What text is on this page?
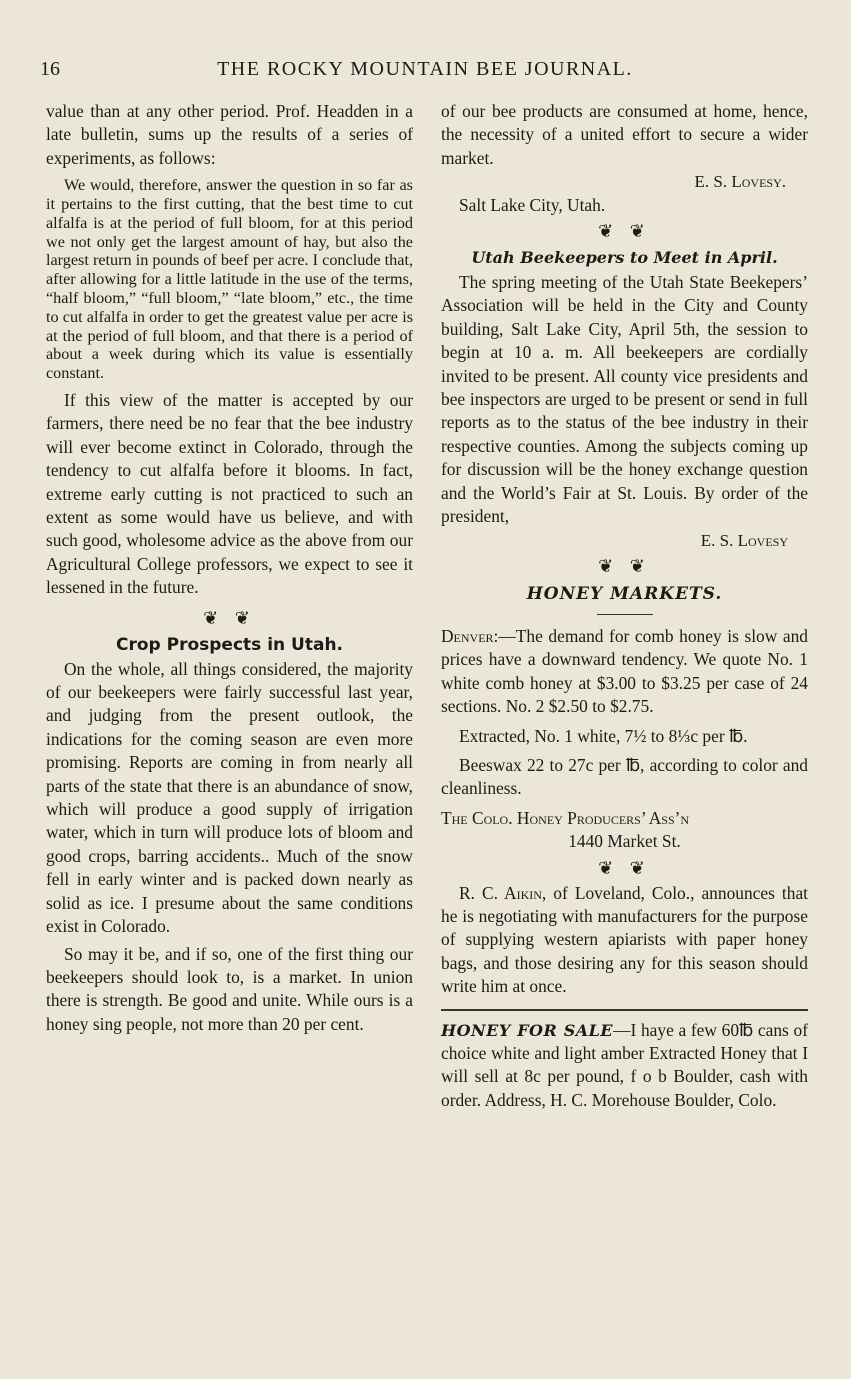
16	THE ROCKY MOUNTAIN BEE JOURNAL.

value than at any other period. Prof. Headden in a late bulletin, sums up the results of a series of experiments, as follows:

We would, therefore, answer the question in so far as it pertains to the first cutting, that the best time to cut alfalfa is at the period of full bloom, for at this period we not only get the largest amount of hay, but also the largest return in pounds of beef per acre. I conclude that, after allowing for a little latitude in the use of the terms, “half bloom,” “full bloom,” “late bloom,” etc., the time to cut alfalfa in order to get the greatest value per acre is at the period of full bloom, and that there is a period of about a week during which its value is essentially constant.

If this view of the matter is accepted by our farmers, there need be no fear that the bee industry will ever become extinct in Colorado, through the tendency to cut alfalfa before it blooms. In fact, extreme early cutting is not practiced to such an extent as some would have us believe, and with such good, wholesome advice as the above from our Agricultural College professors, we expect to see it lessened in the future.

❦ ❦
Crop Prospects in Utah.

On the whole, all things considered, the majority of our beekeepers were fairly successful last year, and judging from the present outlook, the indications for the coming season are even more promising. Reports are coming in from nearly all parts of the state that there is an abundance of snow, which will produce a good supply of irrigation water, which in turn will produce lots of bloom and good crops, barring accidents.. Much of the snow fell in early winter and is packed down nearly as solid as ice. I presume about the same conditions exist in Colorado.

So may it be, and if so, one of the first thing our beekeepers should look to, is a market. In union there is strength. Be good and unite. While ours is a honey sing people, not more than 20 per cent.

of our bee products are consumed at home, hence, the necessity of a united effort to secure a wider market.

E. S. Lovesy.

Salt Lake City, Utah.

❦ ❦
Utah Beekeepers to Meet in April.

The spring meeting of the Utah State Beekepers’ Association will be held in the City and County building, Salt Lake City, April 5th, the session to begin at 10 a. m. All beekeepers are cordially invited to be present. All county vice presidents and bee inspectors are urged to be present or send in full reports as to the status of the bee industry in their respective counties. Among the subjects coming up for discussion will be the honey exchange question and the World’s Fair at St. Louis. By order of the president,

E. S. Lovesy

❦ ❦
HONEY MARKETS.

Denver:—The demand for comb honey is slow and prices have a downward tendency. We quote No. 1 white comb honey at $3.00 to $3.25 per case of 24 sections. No. 2 $2.50 to $2.75.

Extracted, No. 1 white, 7½ to 8⅓c per ℔.

Beeswax 22 to 27c per ℔, according to color and cleanliness.

The Colo. Honey Producers’ Ass’n

1440 Market St.

❦ ❦

R. C. Aikin, of Loveland, Colo., announces that he is negotiating with manufacturers for the purpose of supplying western apiarists with paper honey bags, and those desiring any for this season should write him at once.

HONEY FOR SALE—I haye a few 60℔ cans of choice white and light amber Extracted Honey that I will sell at 8c per pound, f o b Boulder, cash with order. Address, H. C. Morehouse Boulder, Colo.
